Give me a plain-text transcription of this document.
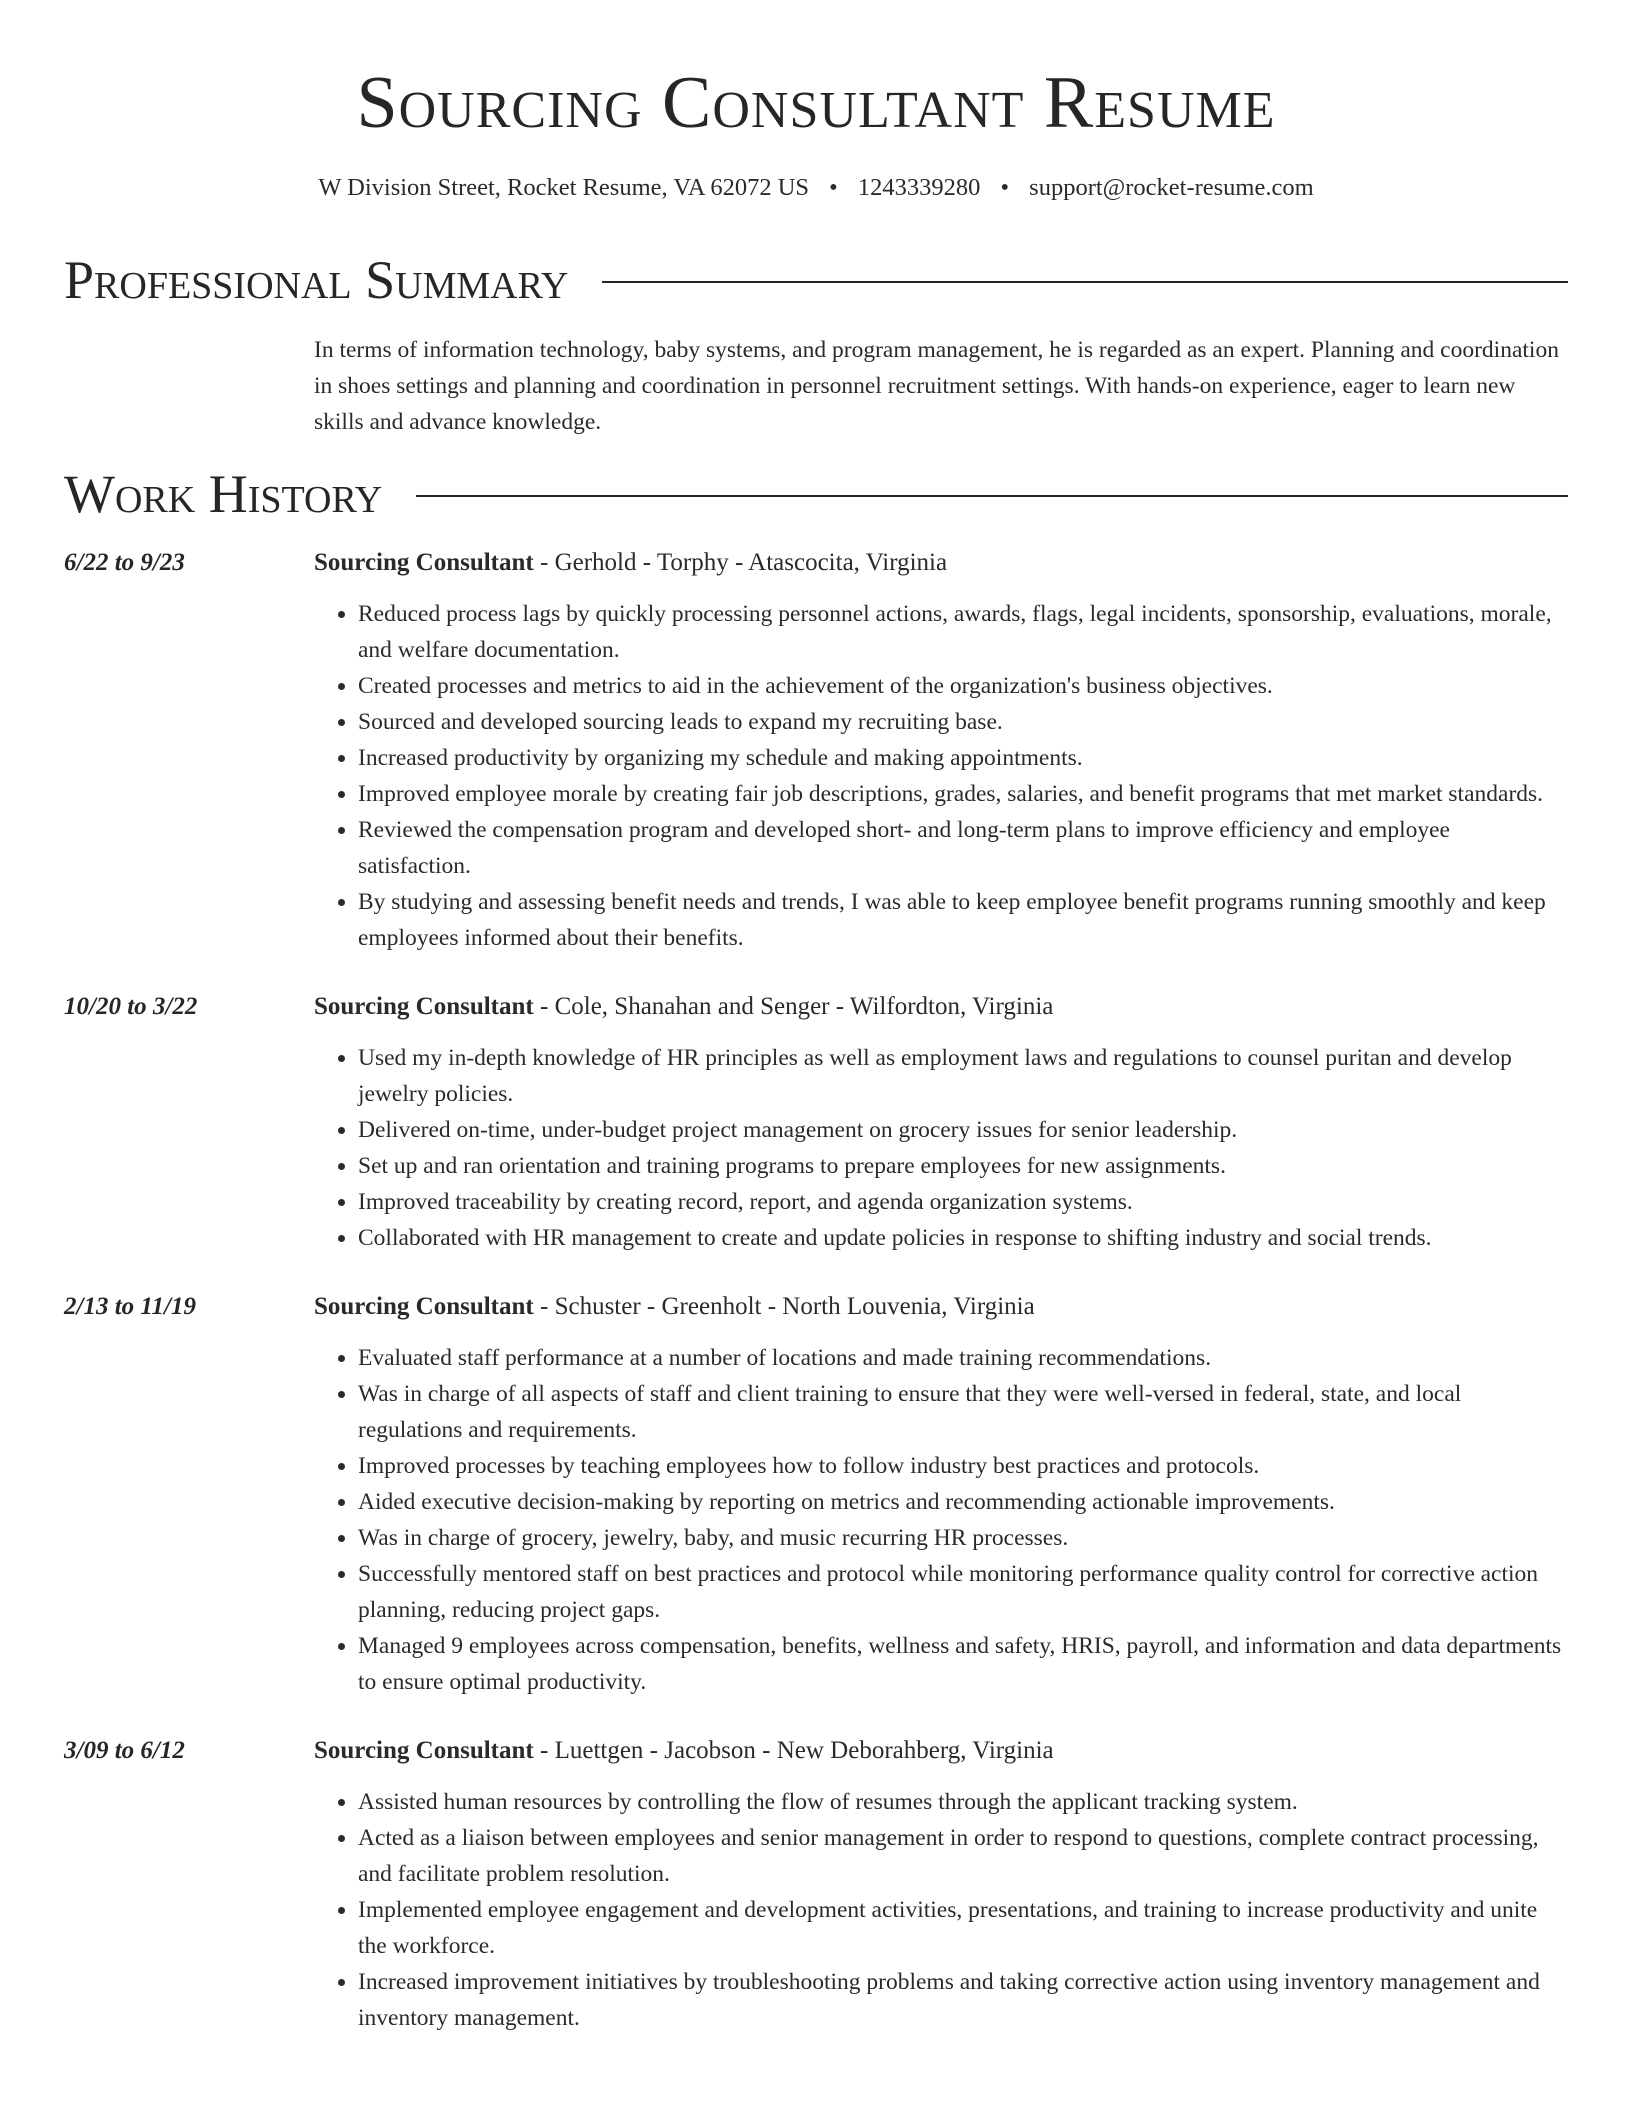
Sourcing Consultant Resume
W Division Street, Rocket Resume, VA 62072 US • 1243339280 • support@rocket-resume.com
Professional Summary

In terms of information technology, baby systems, and program management, he is regarded as an expert. Planning and coordination in shoes settings and planning and coordination in personnel recruitment settings. With hands-on experience, eager to learn new skills and advance knowledge.

Work History
6/22 to 9/23	Sourcing Consultant - Gerhold - Torphy - Atascocita, Virginia
• Reduced process lags by quickly processing personnel actions, awards, flags, legal incidents, sponsorship, evaluations, morale, and welfare documentation.
• Created processes and metrics to aid in the achievement of the organization's business objectives.
• Sourced and developed sourcing leads to expand my recruiting base.
• Increased productivity by organizing my schedule and making appointments.
• Improved employee morale by creating fair job descriptions, grades, salaries, and benefit programs that met market standards.
• Reviewed the compensation program and developed short- and long-term plans to improve efficiency and employee satisfaction.
• By studying and assessing benefit needs and trends, I was able to keep employee benefit programs running smoothly and keep employees informed about their benefits.
10/20 to 3/22	Sourcing Consultant - Cole, Shanahan and Senger - Wilfordton, Virginia
• Used my in-depth knowledge of HR principles as well as employment laws and regulations to counsel puritan and develop jewelry policies.
• Delivered on-time, under-budget project management on grocery issues for senior leadership.
• Set up and ran orientation and training programs to prepare employees for new assignments.
• Improved traceability by creating record, report, and agenda organization systems.
• Collaborated with HR management to create and update policies in response to shifting industry and social trends.
2/13 to 11/19	Sourcing Consultant - Schuster - Greenholt - North Louvenia, Virginia
• Evaluated staff performance at a number of locations and made training recommendations.
• Was in charge of all aspects of staff and client training to ensure that they were well-versed in federal, state, and local regulations and requirements.
• Improved processes by teaching employees how to follow industry best practices and protocols.
• Aided executive decision-making by reporting on metrics and recommending actionable improvements.
• Was in charge of grocery, jewelry, baby, and music recurring HR processes.
• Successfully mentored staff on best practices and protocol while monitoring performance quality control for corrective action planning, reducing project gaps.
• Managed 9 employees across compensation, benefits, wellness and safety, HRIS, payroll, and information and data departments to ensure optimal productivity.
3/09 to 6/12	Sourcing Consultant - Luettgen - Jacobson - New Deborahberg, Virginia
• Assisted human resources by controlling the flow of resumes through the applicant tracking system.
• Acted as a liaison between employees and senior management in order to respond to questions, complete contract processing, and facilitate problem resolution.
• Implemented employee engagement and development activities, presentations, and training to increase productivity and unite the workforce.
• Increased improvement initiatives by troubleshooting problems and taking corrective action using inventory management and inventory management.
